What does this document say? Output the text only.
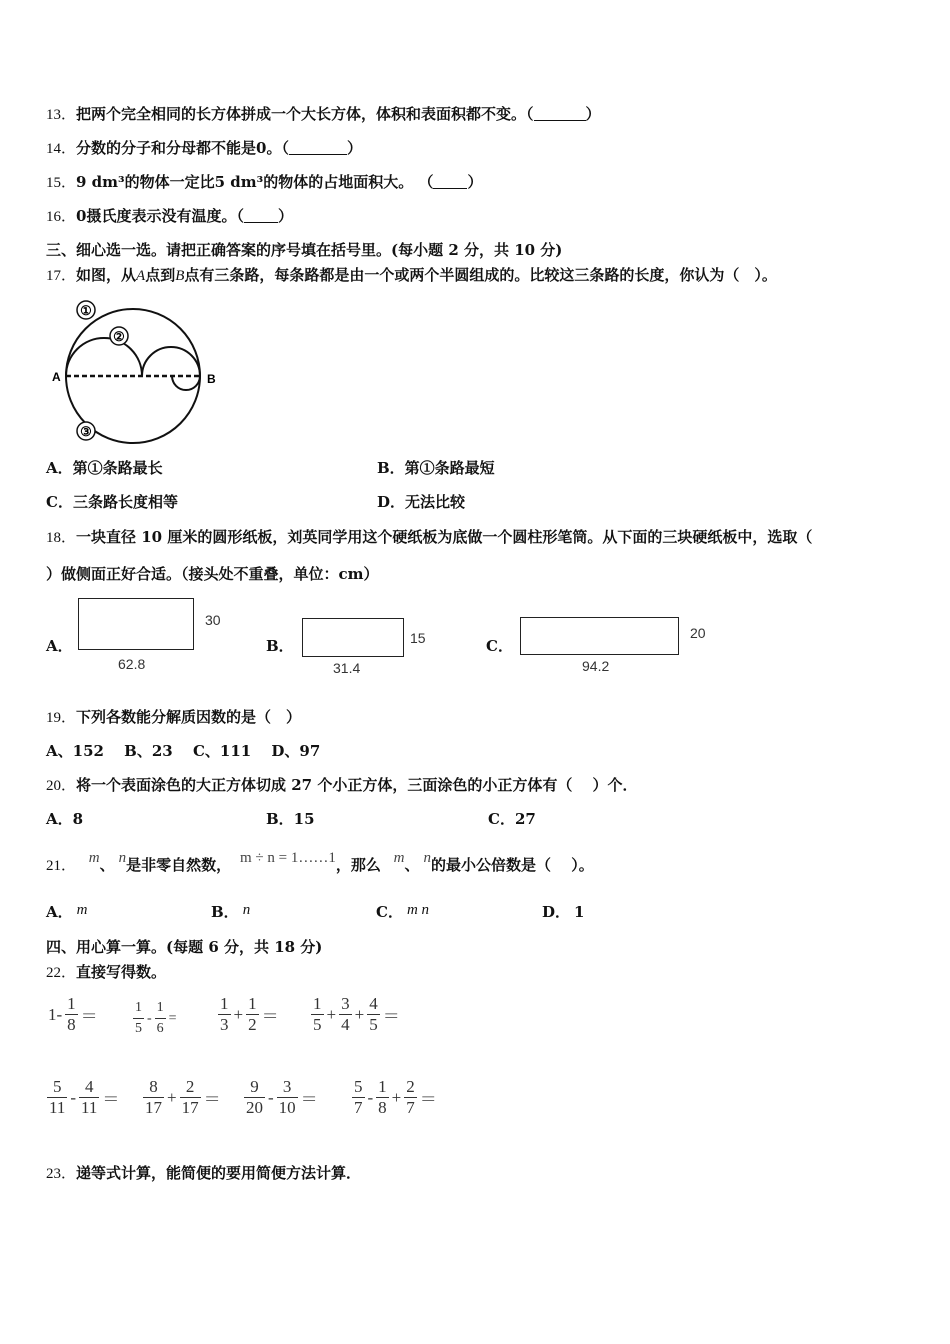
13．把两个完全相同的长方体拼成一个大长方体，体积和表面积都不变。（	）
14．分数的分子和分母都不能是0。（	）
15．9 dm³的物体一定比5 dm³的物体的占地面积大。 （ ）
16．0摄氏度表示没有温度。（ ）
三、细心选一选。请把正确答案的序号填在括号里。(每小题 2 分，共 10 分)
17．如图，从A点到B点有三条路，每条路都是由一个或两个半圆组成的。比较这三条路的长度，你认为（　）。
①
②
③
A	B
A．第①条路最长	B．第①条路最短
C．三条路长度相等	D．无法比较
18．一块直径 10 厘米的圆形纸板，刘英同学用这个硬纸板为底做一个圆柱形笔筒。从下面的三块硬纸板中，选取（
）做侧面正好合适。（接头处不重叠，单位：cm）
A．
30
62.8
B．	15
31.4
C．
20
94.2
19．下列各数能分解质因数的是（　）
A、152　 B、23　 C、111　 D、97
20．将一个表面涂色的大正方体切成 27 个小正方体，三面涂色的小正方体有（　 ）个．
A．8	B．15	C．27
21． m、 n是非零自然数， m ÷ n = 1……1，那么 m、 n的最小公倍数是（　 ）。
A． m	B． n	C． m n	D． 1
四、用心算一算。(每题 6 分，共 18 分)
22．直接写得数。
$1- \frac{1}{8}$ ＝	$\frac{1}{5} - \frac{1}{6} = \frac{1}{3} + \frac{1}{2} = \frac{1}{5} + \frac{3}{4} + \frac{4}{5}$ ＝
$\frac{5}{11} - \frac{4}{11} = \frac{8}{17} + \frac{2}{17} = \frac{9}{20} - \frac{3}{10} = \frac{5}{7} - \frac{1}{8} + \frac{2}{7}$ ＝
23．递等式计算，能简便的要用简便方法计算．
